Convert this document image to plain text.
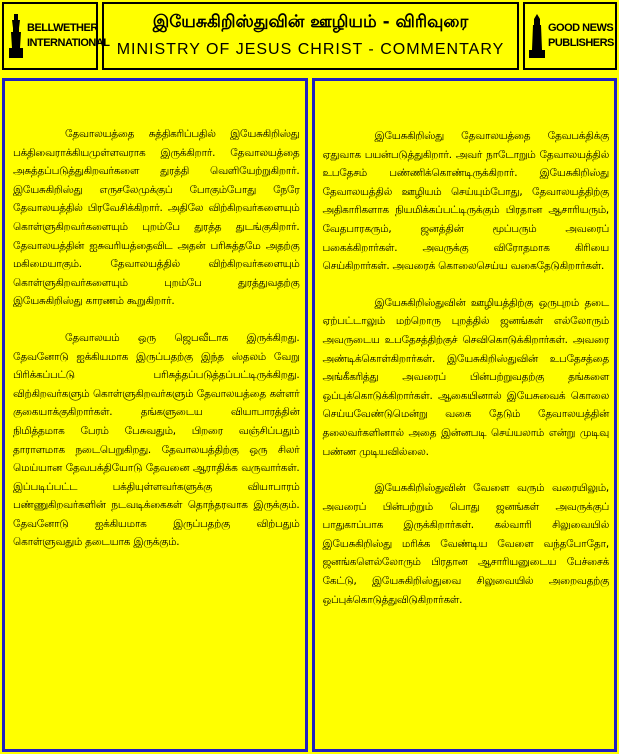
BELLWETHER
INTERNATIONAL
இயேசுகிறிஸ்துவின் ஊழியம் - விரிவுரை
MINISTRY OF JESUS CHRIST - COMMENTARY
GOOD NEWS
PUBLISHERS

தேவாலயத்தை சுத்திகரிப்பதில் இயேசுகிறிஸ்து பக்திவைராக்கியமுள்ளவராக இருக்கிறார். தேவாலயத்தை அசுத்தப்படுத்துகிறவர்களை துரத்தி வெளியேற்றுகிறார். இயேசுகிறிஸ்து எருசலேமுக்குப் போகும்போது நேரே தேவாலயத்தில் பிரவேசிக்கிறார். அதிலே விற்கிறவர்களையும் கொள்ளுகிறவர்களையும் புறம்பே துரத்த துடங்குகிறார். தேவாலயத்தின் ஐசுவரியத்தைவிட அதன் பரிசுத்தமே அதற்கு மகிமையாகும். தேவாலயத்தில் விற்கிறவர்களையும் கொள்ளுகிறவர்களையும் புறம்பே துரத்துவதற்கு இயேசுகிறிஸ்து காரணம் கூறுகிறார்.

தேவாலயம் ஒரு ஜெபவீடாக இருக்கிறது. தேவனோடு ஐக்கியமாக இருப்பதற்கு இந்த ஸ்தலம் வேறு பிரிக்கப்பட்டு பரிசுத்தப்படுத்தப்பட்டிருக்கிறது. விற்கிறவர்களும் கொள்ளுகிறவர்களும் தேவாலயத்தை கள்ளர் குகையாக்குகிறார்கள். தங்களுடைய வியாபாரத்தின் நிமித்தமாக பேரம் பேசுவதும், பிறரை வஞ்சிப்பதும் தாராளமாக நடைபெறுகிறது. தேவாலயத்திற்கு ஒரு சிலர் மெய்யான தேவபக்தியோடு தேவனை ஆராதிக்க வருவார்கள். இப்படிப்பட்ட பக்தியுள்ளவர்களுக்கு வியாபாரம் பண்ணுகிறவர்களின் நடவடிக்கைகள் தொந்தரவாக இருக்கும். தேவனோடு ஐக்கியமாக இருப்பதற்கு விற்பதும் கொள்ளுவதும் தடையாக இருக்கும்.

இயேசுகிறிஸ்து தேவாலயத்தை தேவபக்திக்கு ஏதுவாக பயன்படுத்துகிறார். அவர் நாடோறும் தேவாலயத்தில் உபதேசம் பண்ணிக்கொண்டிருக்கிறார். இயேசுகிறிஸ்து தேவாலயத்தில் ஊழியம் செய்யும்போது, தேவாலயத்திற்கு அதிகாரிகளாக நியமிக்கப்பட்டிருக்கும் பிரதான ஆசாரியரும், வேதபாரகரும், ஜனத்தின் மூப்பரும் அவரைப் பகைக்கிறார்கள். அவருக்கு விரோதமாக கிரியை செய்கிறார்கள். அவரைக் கொலைசெய்ய வகைதேடுகிறார்கள்.

இயேசுகிறிஸ்துவின் ஊழியத்திற்கு ஒருபுறம் தடை ஏற்பட்டாலும் மற்றொரு புறத்தில் ஜனங்கள் எல்லோரும் அவருடைய உபதேசத்திற்குச் செவிகொடுக்கிறார்கள். அவரை அண்டிக்கொள்கிறார்கள். இயேசுகிறிஸ்துவின் உபதேசத்தை அங்கீகரித்து அவரைப் பின்பற்றுவதற்கு தங்களை ஒப்புக்கொடுக்கிறார்கள். ஆகையினால் இயேசுவைக் கொலை செய்யவேண்டுமென்று வகை தேடும் தேவாலயத்தின் தலைவர்களினால் அதை இன்னபடி செய்யலாம் என்று முடிவு பண்ண முடியவில்லை.

இயேசுகிறிஸ்துவின் வேளை வரும் வரையிலும், அவரைப் பின்பற்றும் பொது ஜனங்கள் அவருக்குப் பாதுகாப்பாக இருக்கிறார்கள். கல்வாரி சிலுவையில் இயேசுகிறிஸ்து மரிக்க வேண்டிய வேளை வந்தபோதோ, ஜனங்களெல்லோரும் பிரதான ஆசாரியனுடைய பேச்சைக் கேட்டு, இயேசுகிறிஸ்துவை சிலுவையில் அறைவதற்கு ஒப்புக்கொடுத்துவிடுகிறார்கள்.
